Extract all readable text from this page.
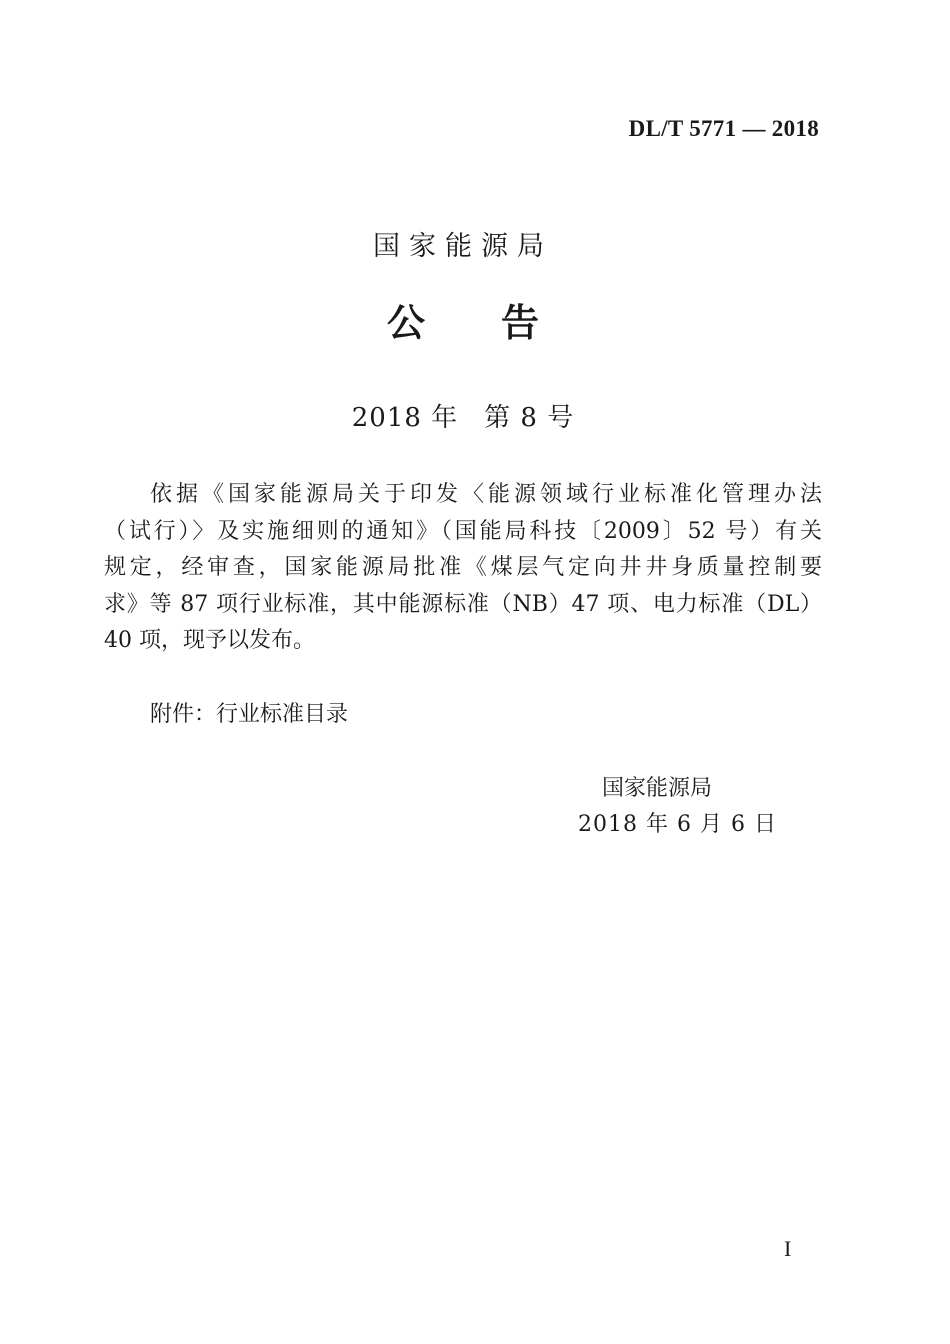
DL/T 5771 — 2018
国家能源局
公 告
2018 年 第 8 号
依据《国家能源局关于印发〈能源领域行业标准化管理办法
（试行）〉及实施细则的通知》（国能局科技〔2009〕52 号）有关
规定，经审查，国家能源局批准《煤层气定向井井身质量控制要
求》等 87 项行业标准，其中能源标准（NB）47 项、电力标准（DL）
40 项，现予以发布。
附件：行业标准目录
国家能源局
2018 年 6 月 6 日
I
